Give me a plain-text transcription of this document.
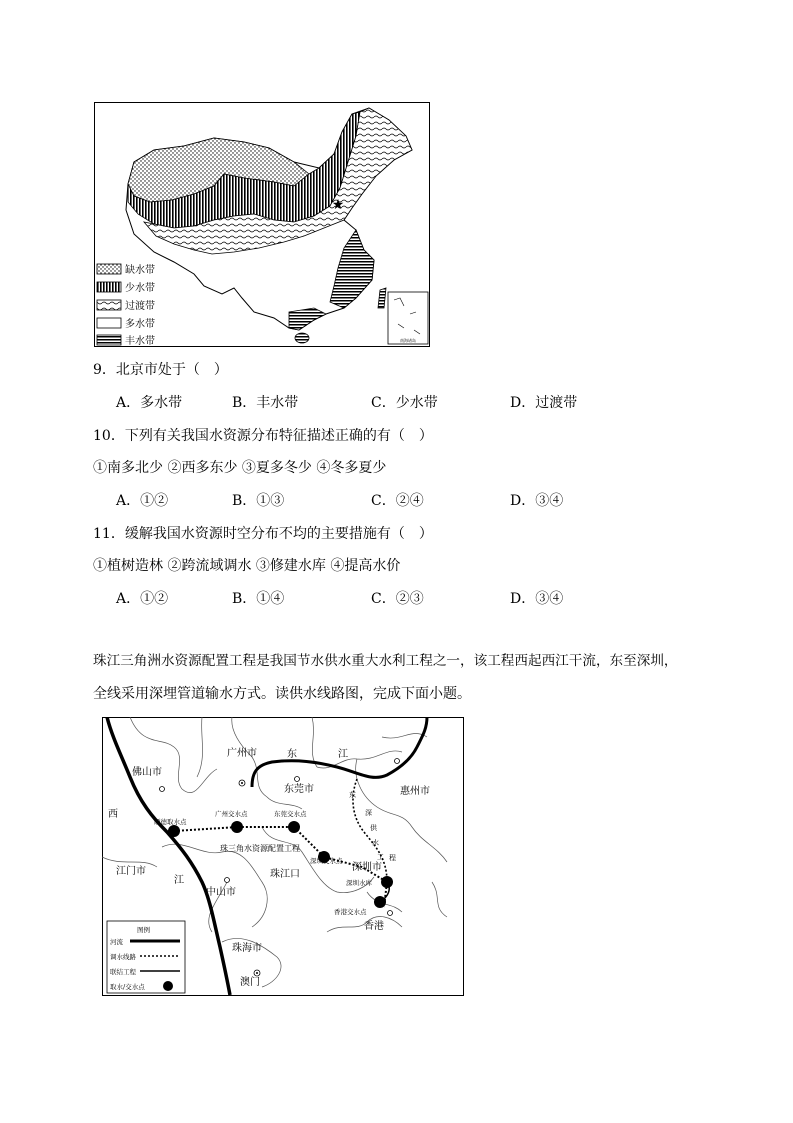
★
南海诸岛
缺水带
少水带
过渡带
多水带
丰水带
9．北京市处于（　）
A．多水带	B．丰水带	C．少水带	D．过渡带
10．下列有关我国水资源分布特征描述正确的有（　）
①南多北少 ②西多东少 ③夏多冬少 ④冬多夏少
A．①②	B．①③	C．②④	D．③④
11．缓解我国水资源时空分布不均的主要措施有（　）
①植树造林 ②跨流域调水 ③修建水库 ④提高水价
A．①②	B．①④	C．②③	D．③④
珠江三角洲水资源配置工程是我国节水供水重大水利工程之一，该工程西起西江干流，东至深圳，
全线采用深埋管道输水方式。读供水线路图，完成下面小题。
佛山市
广州市
东莞市	惠州市
江门市
中山市
珠海市
澳门
深圳市
香港
珠江口
西
江
东	江
顺德取水点
广州交水点	东莞交水点
珠三角水资源配置工程
深圳交水点
深圳水库
香港交水点
东
深
供
水
工 程
图例
河流
调水线路
联结工程
取水/交水点
